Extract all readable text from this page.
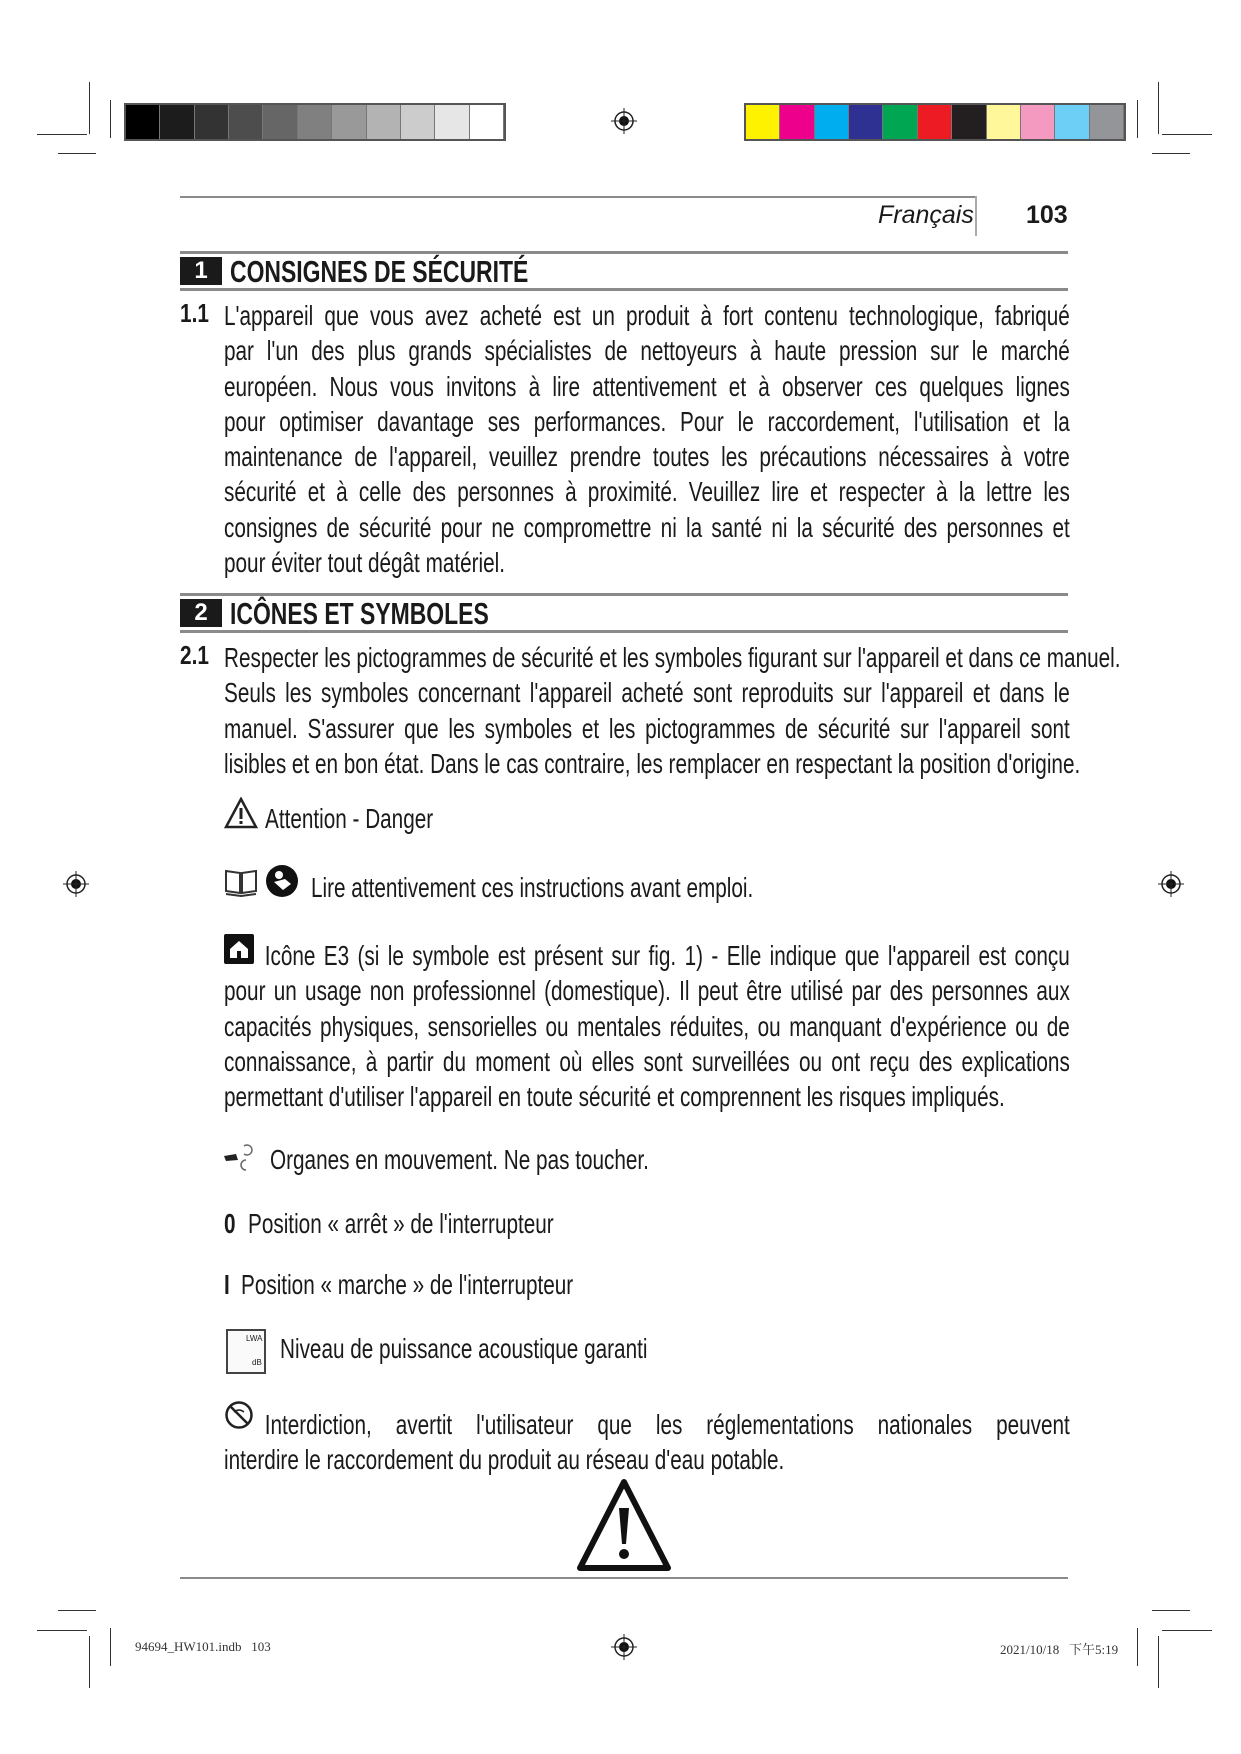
Français 103
1 CONSIGNES DE SÉCURITÉ
1.1 L'appareil que vous avez acheté est un produit à fort contenu technologique, fabriqué
par l'un des plus grands spécialistes de nettoyeurs à haute pression sur le marché
européen. Nous vous invitons à lire attentivement et à observer ces quelques lignes
pour optimiser davantage ses performances. Pour le raccordement, l'utilisation et la
maintenance de l'appareil, veuillez prendre toutes les précautions nécessaires à votre
sécurité et à celle des personnes à proximité. Veuillez lire et respecter à la lettre les
consignes de sécurité pour ne compromettre ni la santé ni la sécurité des personnes et
pour éviter tout dégât matériel.
2 ICÔNES ET SYMBOLES
2.1 Respecter les pictogrammes de sécurité et les symboles figurant sur l'appareil et dans ce manuel.
Seuls les symboles concernant l'appareil acheté sont reproduits sur l'appareil et dans le
manuel. S'assurer que les symboles et les pictogrammes de sécurité sur l'appareil sont
lisibles et en bon état. Dans le cas contraire, les remplacer en respectant la position d'origine.
Attention - Danger
Lire attentivement ces instructions avant emploi.
Icône E3 (si le symbole est présent sur fig. 1) - Elle indique que l'appareil est conçu
pour un usage non professionnel (domestique). Il peut être utilisé par des personnes aux
capacités physiques, sensorielles ou mentales réduites, ou manquant d'expérience ou de
connaissance, à partir du moment où elles sont surveillées ou ont reçu des explications
permettant d'utiliser l'appareil en toute sécurité et comprennent les risques impliqués.
Organes en mouvement. Ne pas toucher.
0 Position « arrêt » de l'interrupteur
I Position « marche » de l'interrupteur
LWA
dB Niveau de puissance acoustique garanti
Interdiction, avertit l'utilisateur que les réglementations nationales peuvent
interdire le raccordement du produit au réseau d'eau potable.
94694_HW101.indb   103	2021/10/18   下午5:19
